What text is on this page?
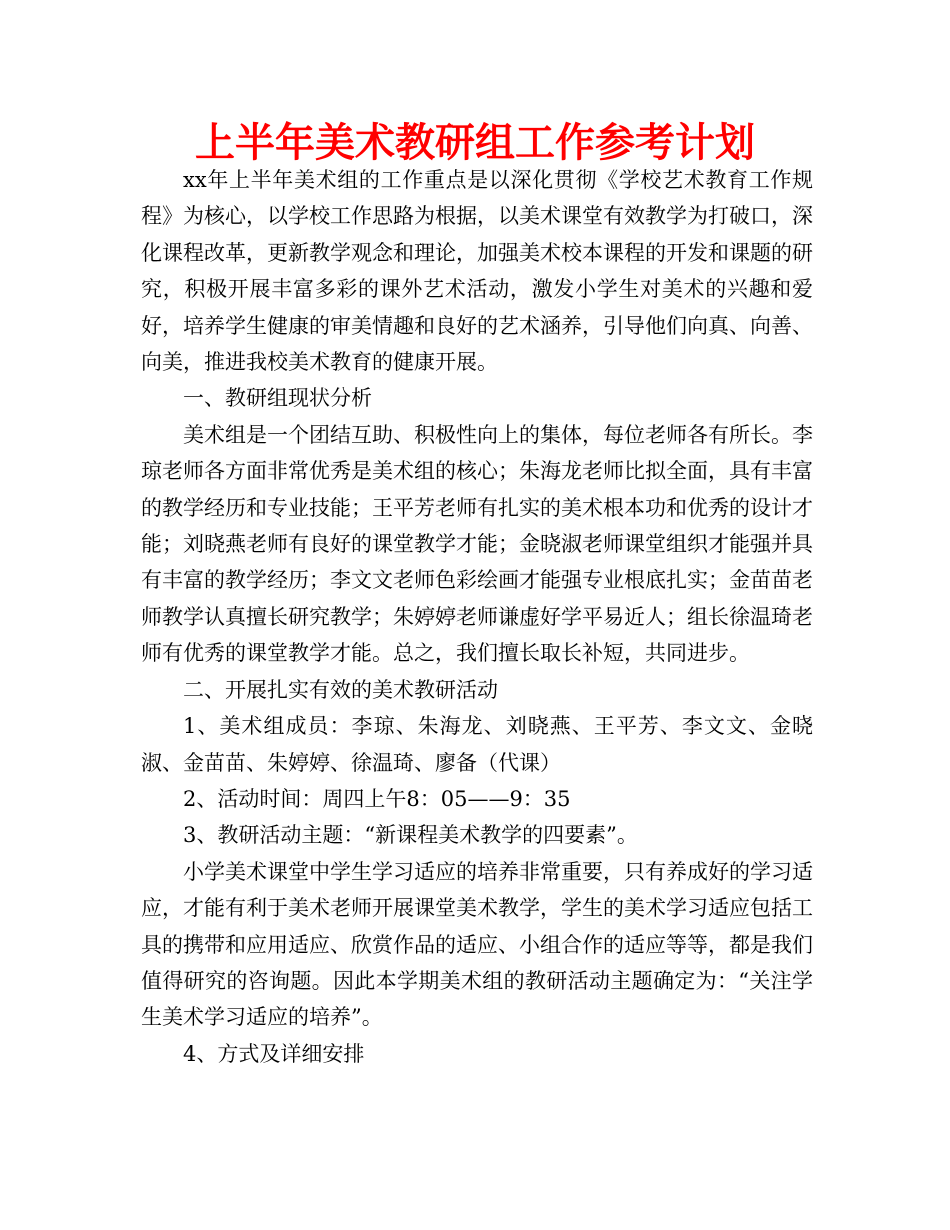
上半年美术教研组工作参考计划

xx年上半年美术组的工作重点是以深化贯彻《学校艺术教育工作规程》为核心，以学校工作思路为根据，以美术课堂有效教学为打破口，深化课程改革，更新教学观念和理论，加强美术校本课程的开发和课题的研究，积极开展丰富多彩的课外艺术活动，激发小学生对美术的兴趣和爱好，培养学生健康的审美情趣和良好的艺术涵养，引导他们向真、向善、向美，推进我校美术教育的健康开展。

一、教研组现状分析

美术组是一个团结互助、积极性向上的集体，每位老师各有所长。李琼老师各方面非常优秀是美术组的核心；朱海龙老师比拟全面，具有丰富的教学经历和专业技能；王平芳老师有扎实的美术根本功和优秀的设计才能；刘晓燕老师有良好的课堂教学才能；金晓淑老师课堂组织才能强并具有丰富的教学经历；李文文老师色彩绘画才能强专业根底扎实；金苗苗老师教学认真擅长研究教学；朱婷婷老师谦虚好学平易近人；组长徐温琦老师有优秀的课堂教学才能。总之，我们擅长取长补短，共同进步。

二、开展扎实有效的美术教研活动

1、美术组成员：李琼、朱海龙、刘晓燕、王平芳、李文文、金晓淑、金苗苗、朱婷婷、徐温琦、廖备（代课）

2、活动时间：周四上午8：05——9：35

3、教研活动主题：“新课程美术教学的四要素”。

小学美术课堂中学生学习适应的培养非常重要，只有养成好的学习适应，才能有利于美术老师开展课堂美术教学，学生的美术学习适应包括工具的携带和应用适应、欣赏作品的适应、小组合作的适应等等，都是我们值得研究的咨询题。因此本学期美术组的教研活动主题确定为：“关注学生美术学习适应的培养”。

4、方式及详细安排
